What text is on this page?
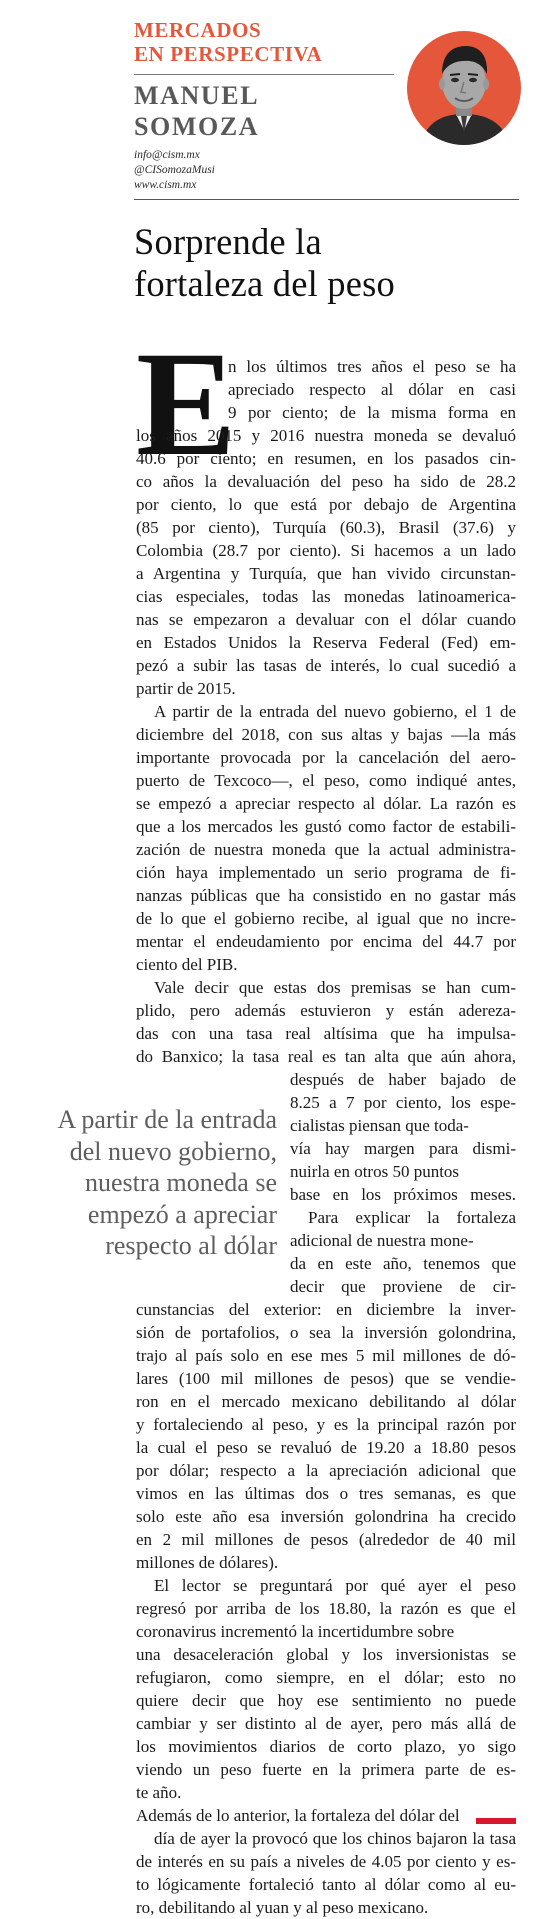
MERCADOS
EN PERSPECTIVA
MANUEL
SOMOZA
info@cism.mx
@CISomozaMusi
www.cism.mx
Sorprende la
fortaleza del peso
E
A partir de la entrada
del nuevo gobierno,
nuestra moneda se
empezó a apreciar
respecto al dólar
n los últimos tres años el peso se ha
apreciado respecto al dólar en casi
9 por ciento; de la misma forma en
los años 2015 y 2016 nuestra moneda se devaluó
40.6 por ciento; en resumen, en los pasados cin-
co años la devaluación del peso ha sido de 28.2
por ciento, lo que está por debajo de Argentina
(85 por ciento), Turquía (60.3), Brasil (37.6) y
Colombia (28.7 por ciento). Si hacemos a un lado
a Argentina y Turquía, que han vivido circunstan-
cias especiales, todas las monedas latinoamerica-
nas se empezaron a devaluar con el dólar cuando
en Estados Unidos la Reserva Federal (Fed) em-
pezó a subir las tasas de interés, lo cual sucedió a
partir de 2015.
A partir de la entrada del nuevo gobierno, el 1 de
diciembre del 2018, con sus altas y bajas —la más
importante provocada por la cancelación del aero-
puerto de Texcoco—, el peso, como indiqué antes,
se empezó a apreciar respecto al dólar. La razón es
que a los mercados les gustó como factor de estabili-
zación de nuestra moneda que la actual administra-
ción haya implementado un serio programa de fi-
nanzas públicas que ha consistido en no gastar más
de lo que el gobierno recibe, al igual que no incre-
mentar el endeudamiento por encima del 44.7 por
ciento del PIB.
Vale decir que estas dos premisas se han cum-
plido, pero además estuvieron y están adereza-
das con una tasa real altísima que ha impulsa-
do Banxico; la tasa real es tan alta que aún ahora,
después de haber bajado de
8.25 a 7 por ciento, los espe-
cialistas piensan que toda-
vía hay margen para dismi-
nuirla en otros 50 puntos
base en los próximos meses.
Para explicar la fortaleza
adicional de nuestra mone-
da en este año, tenemos que
decir que proviene de cir-
cunstancias del exterior: en diciembre la inver-
sión de portafolios, o sea la inversión golondrina,
trajo al país solo en ese mes 5 mil millones de dó-
lares (100 mil millones de pesos) que se vendie-
ron en el mercado mexicano debilitando al dólar
y fortaleciendo al peso, y es la principal razón por
la cual el peso se revaluó de 19.20 a 18.80 pesos
por dólar; respecto a la apreciación adicional que
vimos en las últimas dos o tres semanas, es que
solo este año esa inversión golondrina ha crecido
en 2 mil millones de pesos (alrededor de 40 mil
millones de dólares).
El lector se preguntará por qué ayer el peso
regresó por arriba de los 18.80, la razón es que el
coronavirus incrementó la incertidumbre sobre
una desaceleración global y los inversionistas se
refugiaron, como siempre, en el dólar; esto no
quiere decir que hoy ese sentimiento no puede
cambiar y ser distinto al de ayer, pero más allá de
los movimientos diarios de corto plazo, yo sigo
viendo un peso fuerte en la primera parte de es-
te año.
Además de lo anterior, la fortaleza del dólar del
día de ayer la provocó que los chinos bajaron la tasa
de interés en su país a niveles de 4.05 por ciento y es-
to lógicamente fortaleció tanto al dólar como al eu-
ro, debilitando al yuan y al peso mexicano.
